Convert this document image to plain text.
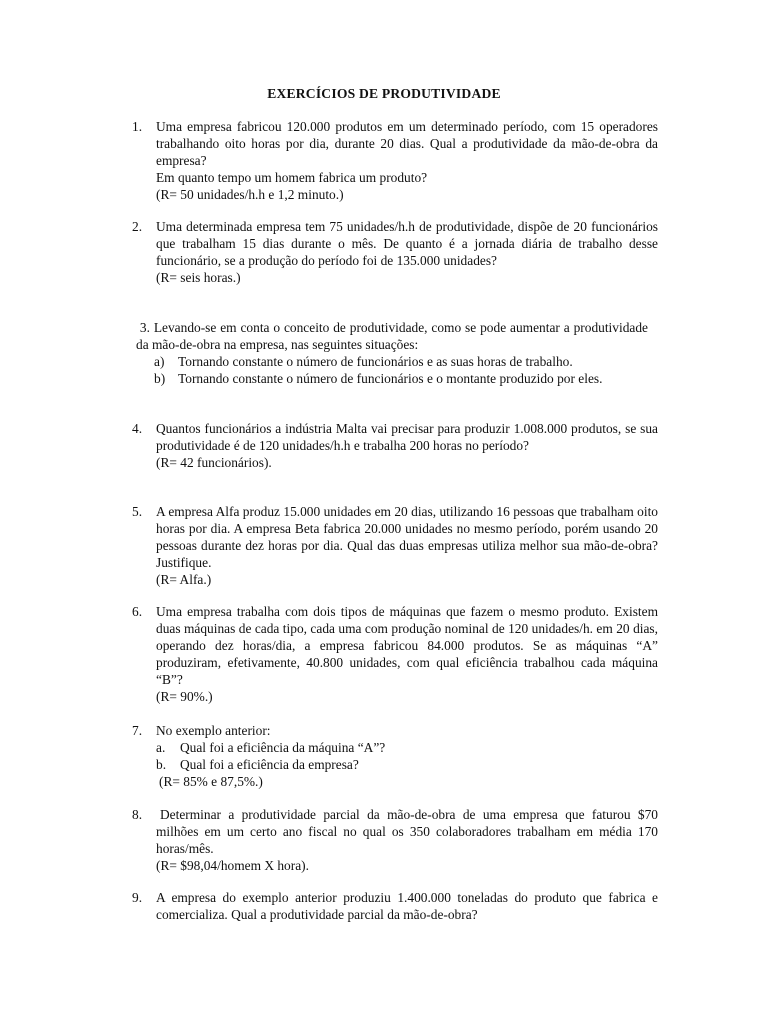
EXERCÍCIOS DE PRODUTIVIDADE
1.	Uma empresa fabricou 120.000 produtos em um determinado período, com 15 operadores trabalhando oito horas por dia, durante 20 dias. Qual a produtividade da mão-de-obra da empresa?

Em quanto tempo um homem fabrica um produto?

(R= 50 unidades/h.h e 1,2 minuto.)

2.	Uma determinada empresa tem 75 unidades/h.h de produtividade, dispõe de 20 funcionários que trabalham 15 dias durante o mês. De quanto é a jornada diária de trabalho desse funcionário, se a produção do período foi de 135.000 unidades?

(R= seis horas.)

3. Levando-se em conta o conceito de produtividade, como se pode aumentar a produtividade da mão-de-obra na empresa, nas seguintes situações:

a) Tornando constante o número de funcionários e as suas horas de trabalho.
b) Tornando constante o número de funcionários e o montante produzido por eles.
4.	Quantos funcionários a indústria Malta vai precisar para produzir 1.008.000 produtos, se sua produtividade é de 120 unidades/h.h e trabalha 200 horas no período?

(R= 42 funcionários).

5.	A empresa Alfa produz 15.000 unidades em 20 dias, utilizando 16 pessoas que trabalham oito horas por dia. A empresa Beta fabrica 20.000 unidades no mesmo período, porém usando 20 pessoas durante dez horas por dia. Qual das duas empresas utiliza melhor sua mão-de-obra? Justifique.

(R= Alfa.)

6.	Uma empresa trabalha com dois tipos de máquinas que fazem o mesmo produto. Existem duas máquinas de cada tipo, cada uma com produção nominal de 120 unidades/h. em 20 dias, operando dez horas/dia, a empresa fabricou 84.000 produtos. Se as máquinas “A” produziram, efetivamente, 40.800 unidades, com qual eficiência trabalhou cada máquina “B”?

(R= 90%.)

7.	No exemplo anterior:

a. Qual foi a eficiência da máquina “A”?
b. Qual foi a eficiência da empresa?

(R= 85% e 87,5%.)

8.	Determinar a produtividade parcial da mão-de-obra de uma empresa que faturou $70 milhões em um certo ano fiscal no qual os 350 colaboradores trabalham em média 170 horas/mês.

(R= $98,04/homem X hora).

9.	A empresa do exemplo anterior produziu 1.400.000 toneladas do produto que fabrica e comercializa. Qual a produtividade parcial da mão-de-obra?
